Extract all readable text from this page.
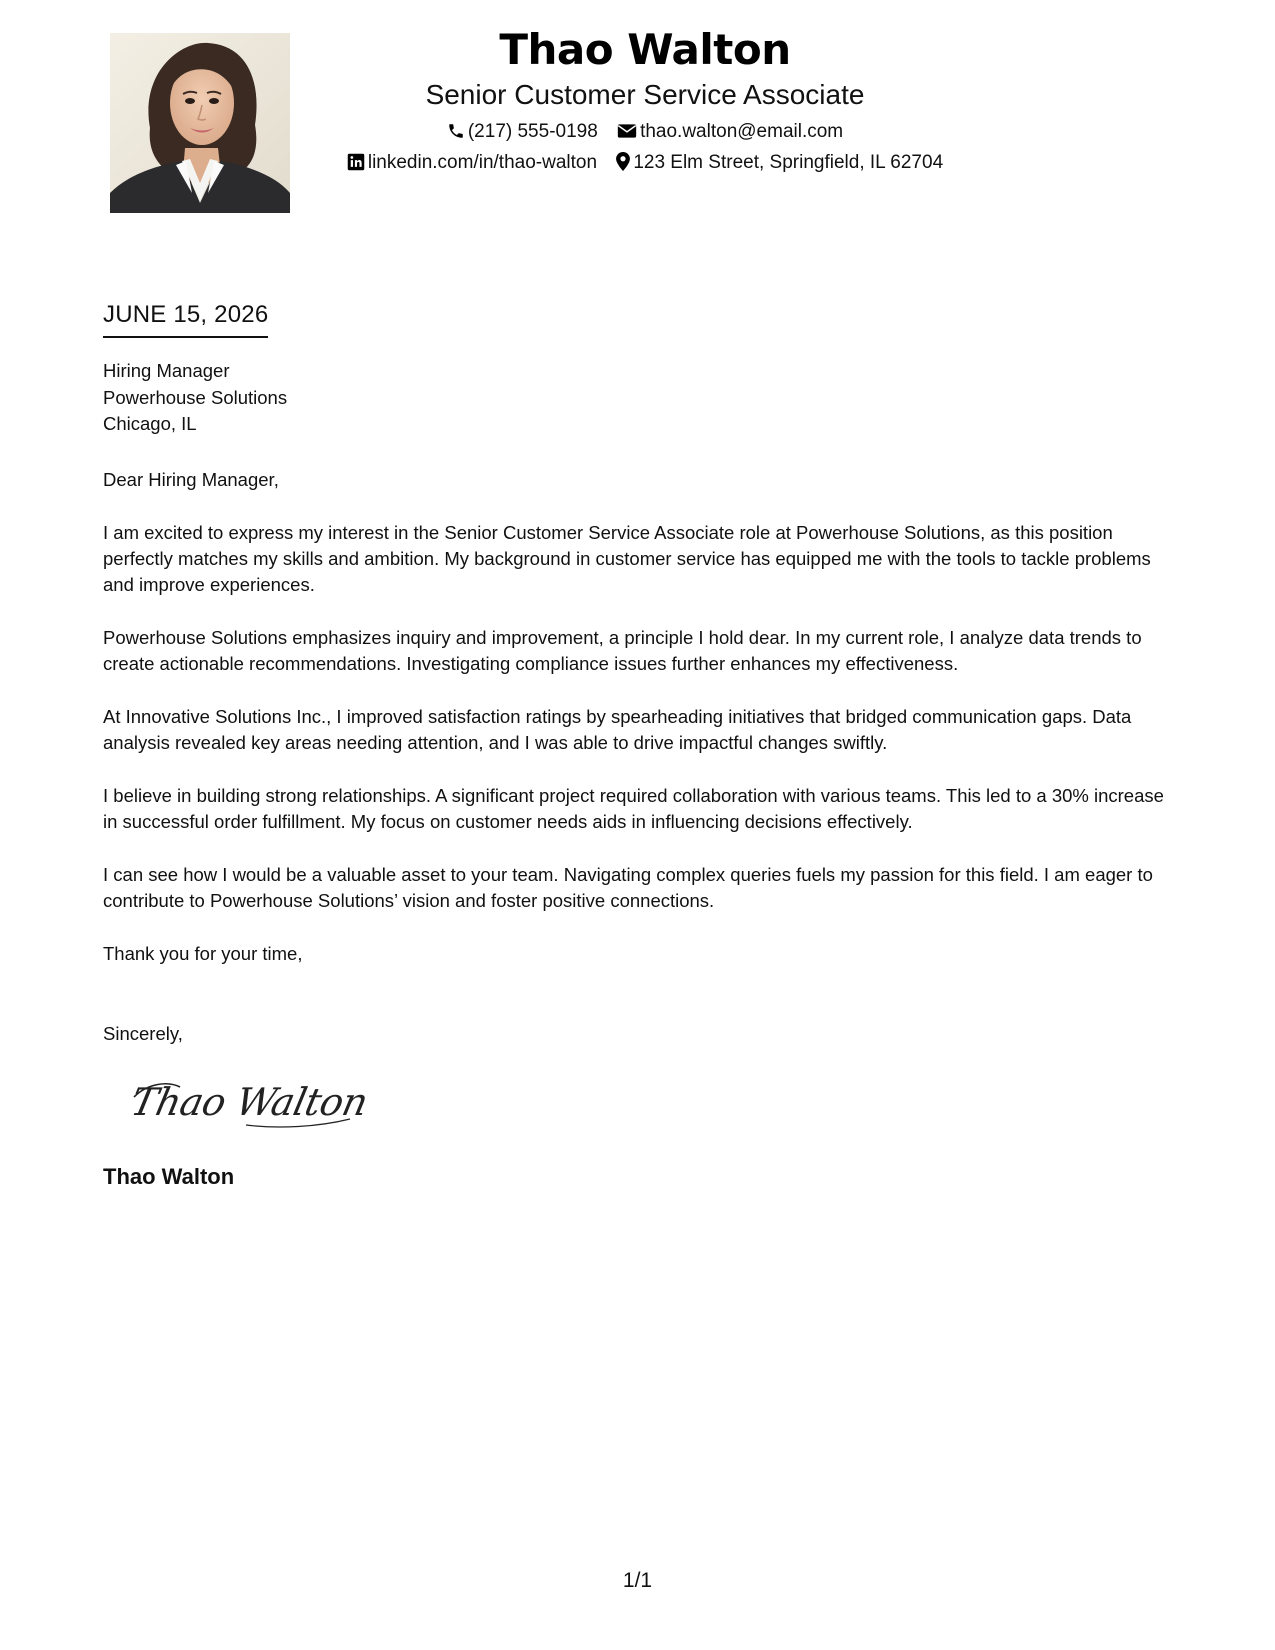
Thao Walton
Senior Customer Service Associate
(217) 555-0198 thao.walton@email.com
linkedin.com/in/thao-walton 123 Elm Street, Springfield, IL 62704
JUNE 15, 2026
Hiring Manager
Powerhouse Solutions
Chicago, IL

Dear Hiring Manager,

I am excited to express my interest in the Senior Customer Service Associate role at Powerhouse Solutions, as this position perfectly matches my skills and ambition. My background in customer service has equipped me with the tools to tackle problems and improve experiences.

Powerhouse Solutions emphasizes inquiry and improvement, a principle I hold dear. In my current role, I analyze data trends to create actionable recommendations. Investigating compliance issues further enhances my effectiveness.

At Innovative Solutions Inc., I improved satisfaction ratings by spearheading initiatives that bridged communication gaps. Data analysis revealed key areas needing attention, and I was able to drive impactful changes swiftly.

I believe in building strong relationships. A significant project required collaboration with various teams. This led to a 30% increase in successful order fulfillment. My focus on customer needs aids in influencing decisions effectively.

I can see how I would be a valuable asset to your team. Navigating complex queries fuels my passion for this field. I am eager to contribute to Powerhouse Solutions’ vision and foster positive connections.

Thank you for your time,

Sincerely,
Thao Walton
Thao Walton
1/1
